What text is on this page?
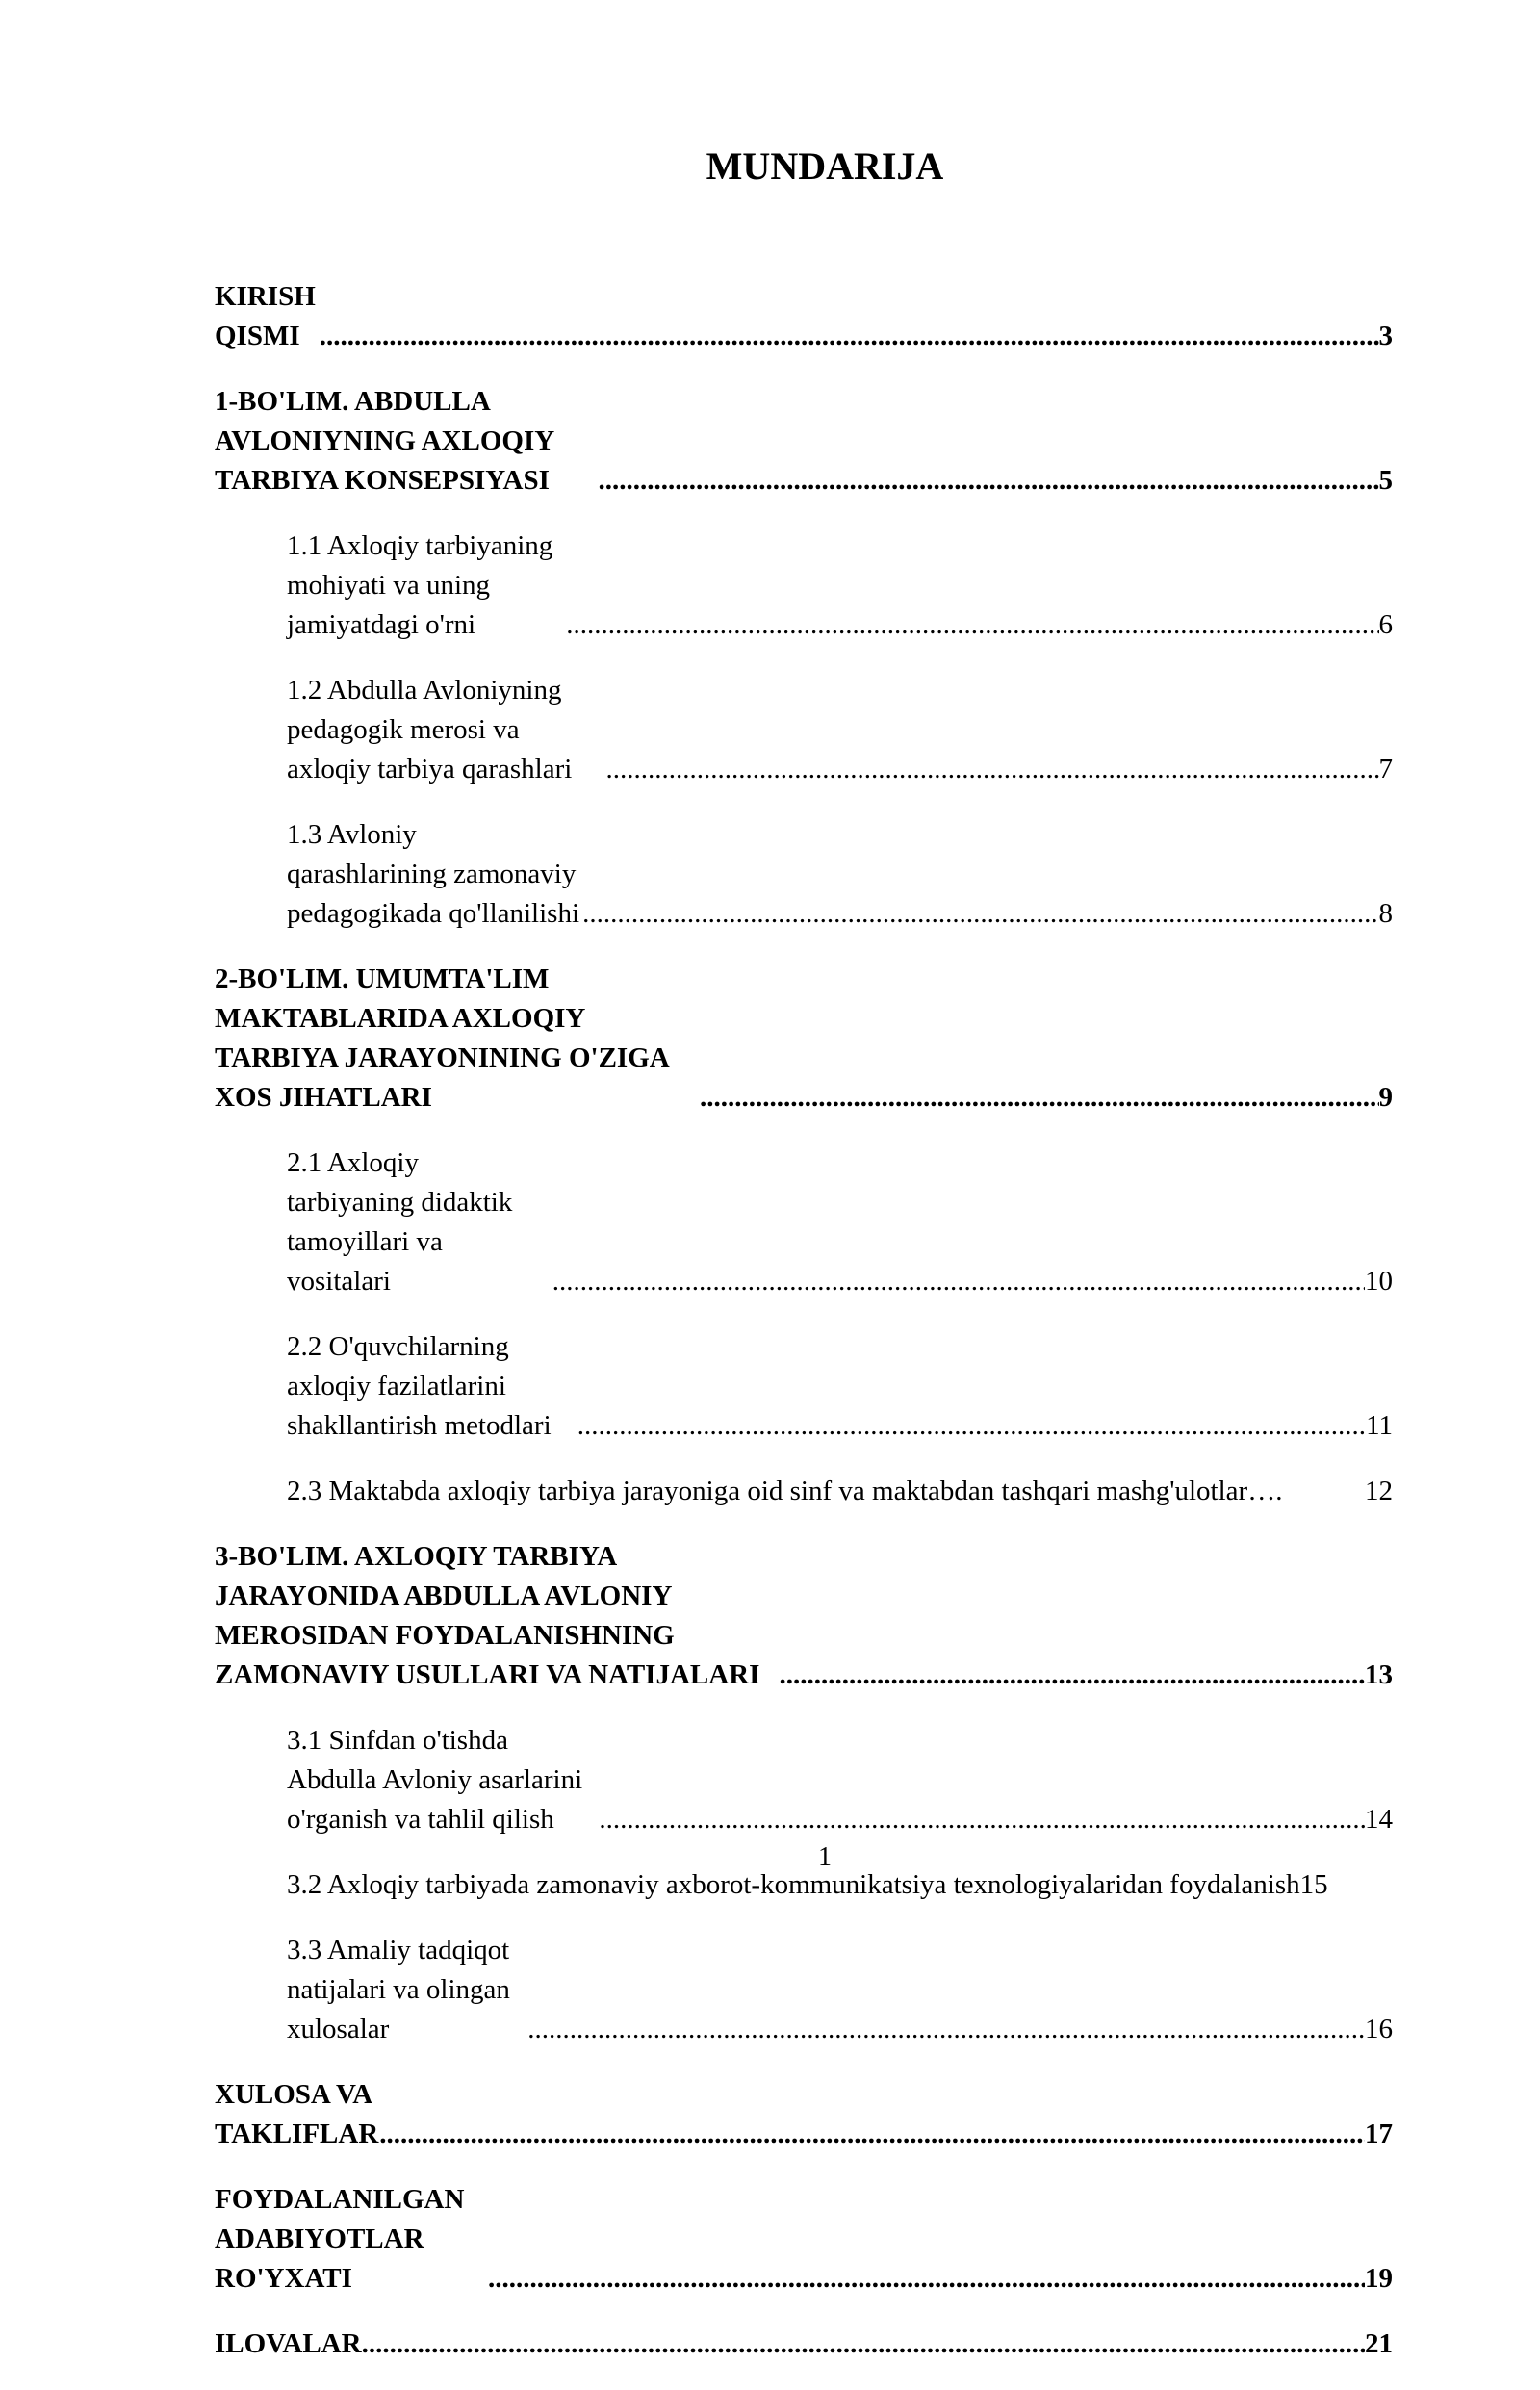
MUNDARIJA
KIRISH QISMI .....	3
1-BO'LIM. ABDULLA AVLONIYNING AXLOQIY TARBIYA KONSEPSIYASI .....	5
1.1 Axloqiy tarbiyaning mohiyati va uning jamiyatdagi o'rni .....	6
1.2 Abdulla Avloniyning pedagogik merosi va axloqiy tarbiya qarashlari .....	7
1.3 Avloniy qarashlarining zamonaviy pedagogikada qo'llanilishi .....	8
2-BO'LIM. UMUMTA'LIM MAKTABLARIDA AXLOQIY TARBIYA JARAYONINING O'ZIGA XOS JIHATLARI .....	9
2.1 Axloqiy tarbiyaning didaktik tamoyillari va vositalari .....	10
2.2 O'quvchilarning axloqiy fazilatlarini shakllantirish metodlari .....	11
2.3 Maktabda axloqiy tarbiya jarayoniga oid sinf va maktabdan tashqari mashg'ulotlar ….	12
3-BO'LIM. AXLOQIY TARBIYA JARAYONIDA ABDULLA AVLONIY MEROSIDAN FOYDALANISHNING ZAMONAVIY USULLARI VA NATIJALARI .....	13
3.1 Sinfdan o'tishda Abdulla Avloniy asarlarini o'rganish va tahlil qilish .....	14
3.2 Axloqiy tarbiyada zamonaviy axborot-kommunikatsiya texnologiyalaridan foydalanish 15
3.3 Amaliy tadqiqot natijalari va olingan xulosalar .....	16
XULOSA VA TAKLIFLAR .....	17
FOYDALANILGAN ADABIYOTLAR RO'YXATI .....	19
ILOVALAR .....	21
1
